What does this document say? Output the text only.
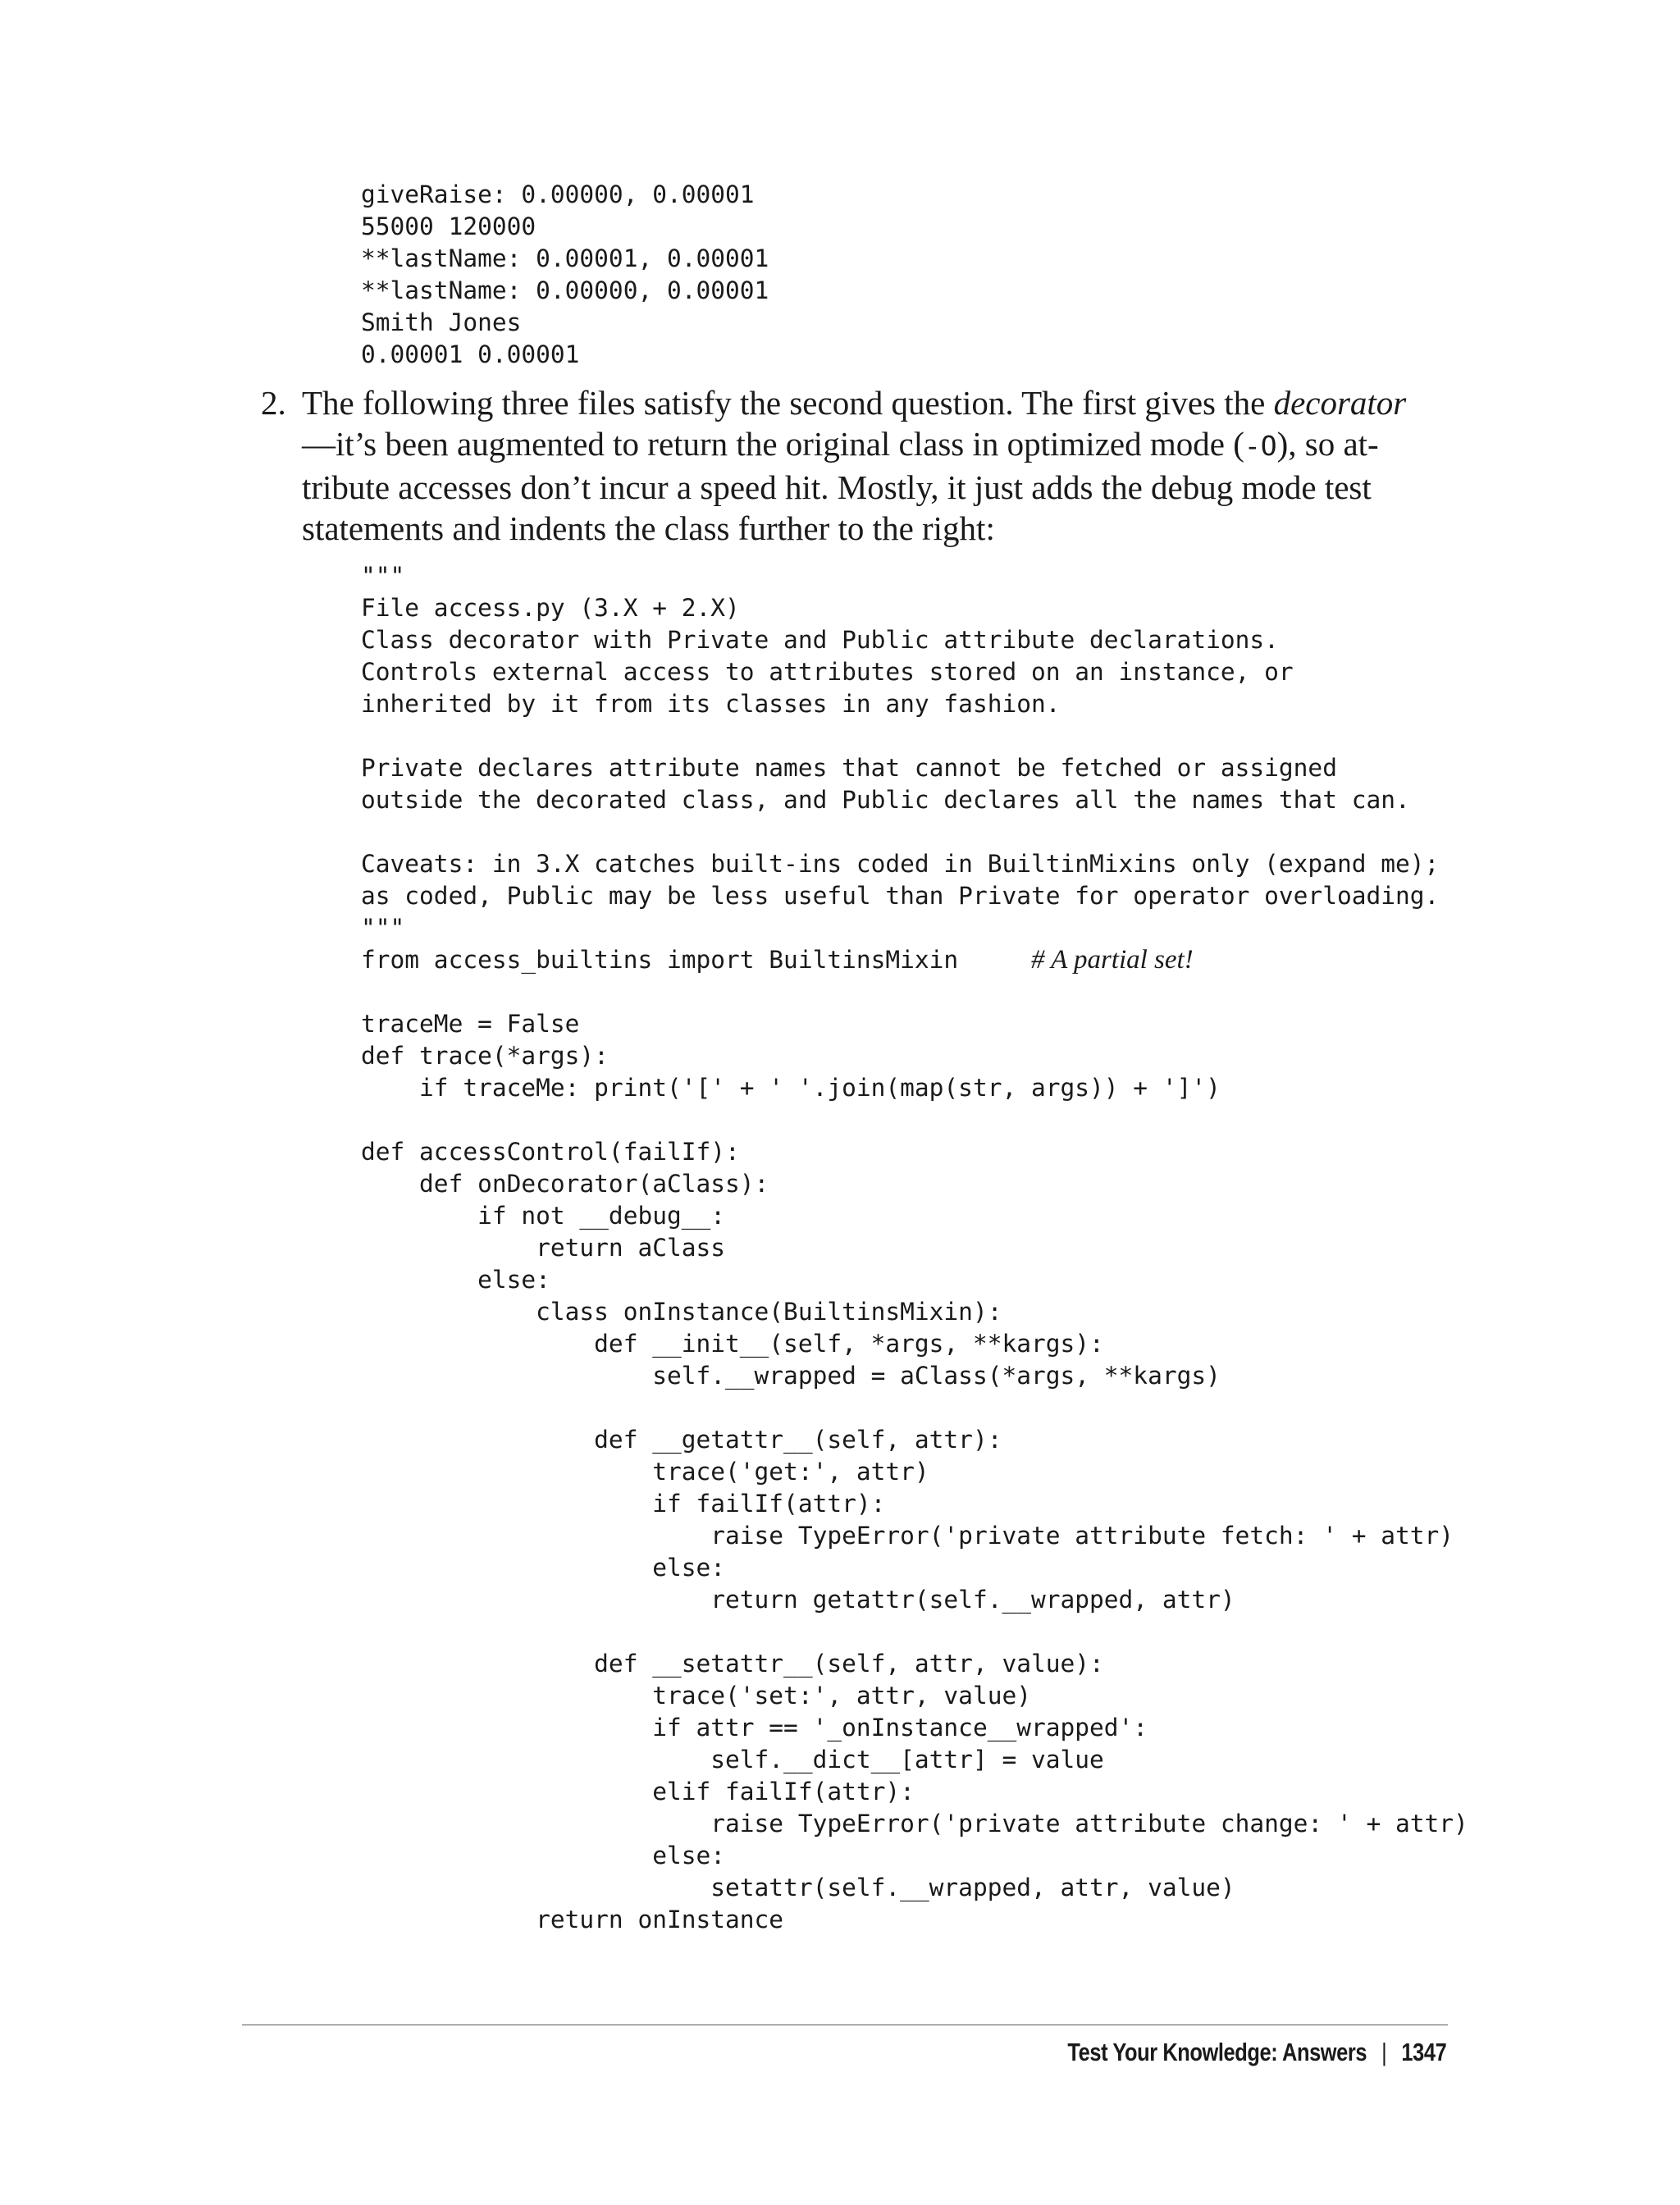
giveRaise: 0.00000, 0.00001
55000 120000
**lastName: 0.00001, 0.00001
**lastName: 0.00000, 0.00001
Smith Jones
0.00001 0.00001
2. The following three files satisfy the second question. The first gives the decorator
—it’s been augmented to return the original class in optimized mode (-O), so at-
tribute accesses don’t incur a speed hit. Mostly, it just adds the debug mode test
statements and indents the class further to the right:
"""
File access.py (3.X + 2.X)
Class decorator with Private and Public attribute declarations.
Controls external access to attributes stored on an instance, or
inherited by it from its classes in any fashion.
Private declares attribute names that cannot be fetched or assigned
outside the decorated class, and Public declares all the names that can.
Caveats: in 3.X catches built-ins coded in BuiltinMixins only (expand me);
as coded, Public may be less useful than Private for operator overloading.
"""
from access_builtins import BuiltinsMixin     # A partial set!
traceMe = False
def trace(*args):
if traceMe: print('[' + ' '.join(map(str, args)) + ']')
def accessControl(failIf):
def onDecorator(aClass):
if not __debug__:
return aClass
else:
class onInstance(BuiltinsMixin):
def __init__(self, *args, **kargs):
self.__wrapped = aClass(*args, **kargs)
def __getattr__(self, attr):
trace('get:', attr)
if failIf(attr):
raise TypeError('private attribute fetch: ' + attr)
else:
return getattr(self.__wrapped, attr)
def __setattr__(self, attr, value):
trace('set:', attr, value)
if attr == '_onInstance__wrapped':
self.__dict__[attr] = value
elif failIf(attr):
raise TypeError('private attribute change: ' + attr)
else:
setattr(self.__wrapped, attr, value)
return onInstance
Test Your Knowledge: Answers | 1347
